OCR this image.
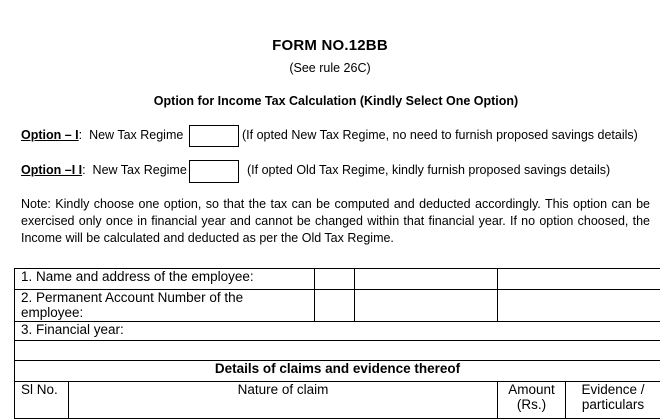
FORM NO.12BB
(See rule 26C)
Option for Income Tax Calculation (Kindly Select One Option)
Option – I: New Tax Regime	(If opted New Tax Regime, no need to furnish proposed savings details)
Option –I I: New Tax Regime	(If opted Old Tax Regime, kindly furnish proposed savings details)
Note: Kindly choose one option, so that the tax can be computed and deducted accordingly. This option can be exercised only once in financial year and cannot be changed within that financial year. If no option choosed, the Income will be calculated and deducted as per the Old Tax Regime.
1. Name and address of the employee:					
2. Permanent Account Number of the employee:					
3. Financial year:					

Details of claims and evidence thereof					
Sl No.	Nature of claim			Amount (Rs.)	Evidence / particulars
